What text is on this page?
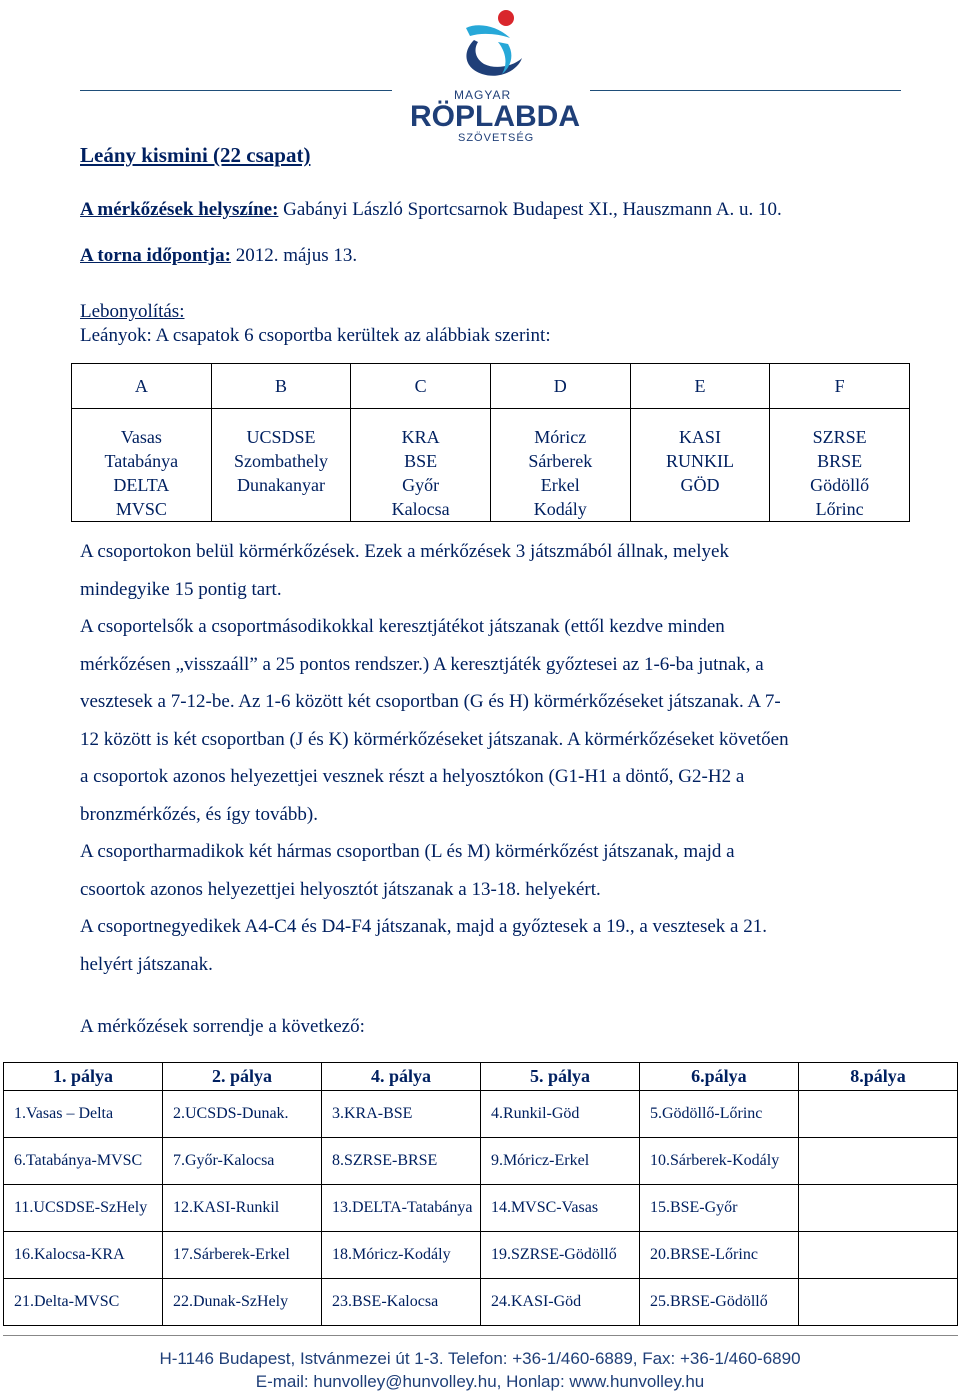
MAGYAR
RÖPLABDA
SZÖVETSÉG
Leány kismini (22 csapat)
A mérkőzések helyszíne: Gabányi László Sportcsarnok Budapest XI., Hauszmann A. u. 10.
A torna időpontja: 2012. május 13.
Lebonyolítás:
Leányok: A csapatok 6 csoportba kerültek az alábbiak szerint:
A	B	C	D	E	F

Vasas	UCSDSE	KRA	Móricz	KASI	SZRSE
Tatabánya	Szombathely	BSE	Sárberek	RUNKIL	BRSE
DELTA	Dunakanyar	Győr	Erkel	GÖD	Gödöllő
MVSC		Kalocsa	Kodály		Lőrinc
A csoportokon belül körmérkőzések. Ezek a mérkőzések 3 játszmából állnak, melyek
mindegyike 15 pontig tart.
A csoportelsők a csoportmásodikokkal keresztjátékot játszanak (ettől kezdve minden
mérkőzésen „visszaáll” a 25 pontos rendszer.) A keresztjáték győztesei az 1-6-ba jutnak, a
vesztesek a 7-12-be. Az 1-6 között két csoportban (G és H) körmérkőzéseket játszanak. A 7-
12 között is két csoportban (J és K) körmérkőzéseket játszanak. A körmérkőzéseket követően
a csoportok azonos helyezettjei vesznek részt a helyosztókon (G1-H1 a döntő, G2-H2 a
bronzmérkőzés, és így tovább).
A csoportharmadikok két hármas csoportban (L és M) körmérkőzést játszanak, majd a
csoortok azonos helyezettjei helyosztót játszanak a 13-18. helyekért.
A csoportnegyedikek A4-C4 és D4-F4 játszanak, majd a győztesek a 19., a vesztesek a 21.
helyért játszanak.
A mérkőzések sorrendje a következő:
1. pálya	2. pálya	4. pálya	5. pálya	6.pálya	8.pálya
1.Vasas – Delta	2.UCSDS-Dunak.	3.KRA-BSE	4.Runkil-Göd	5.Gödöllő-Lőrinc	
6.Tatabánya-MVSC	7.Győr-Kalocsa	8.SZRSE-BRSE	9.Móricz-Erkel	10.Sárberek-Kodály	
11.UCSDSE-SzHely	12.KASI-Runkil	13.DELTA-Tatabánya	14.MVSC-Vasas	15.BSE-Győr	
16.Kalocsa-KRA	17.Sárberek-Erkel	18.Móricz-Kodály	19.SZRSE-Gödöllő	20.BRSE-Lőrinc	
21.Delta-MVSC	22.Dunak-SzHely	23.BSE-Kalocsa	24.KASI-Göd	25.BRSE-Gödöllő	
H-1146 Budapest, Istvánmezei út 1-3. Telefon: +36-1/460-6889, Fax: +36-1/460-6890
E-mail: hunvolley@hunvolley.hu, Honlap: www.hunvolley.hu
